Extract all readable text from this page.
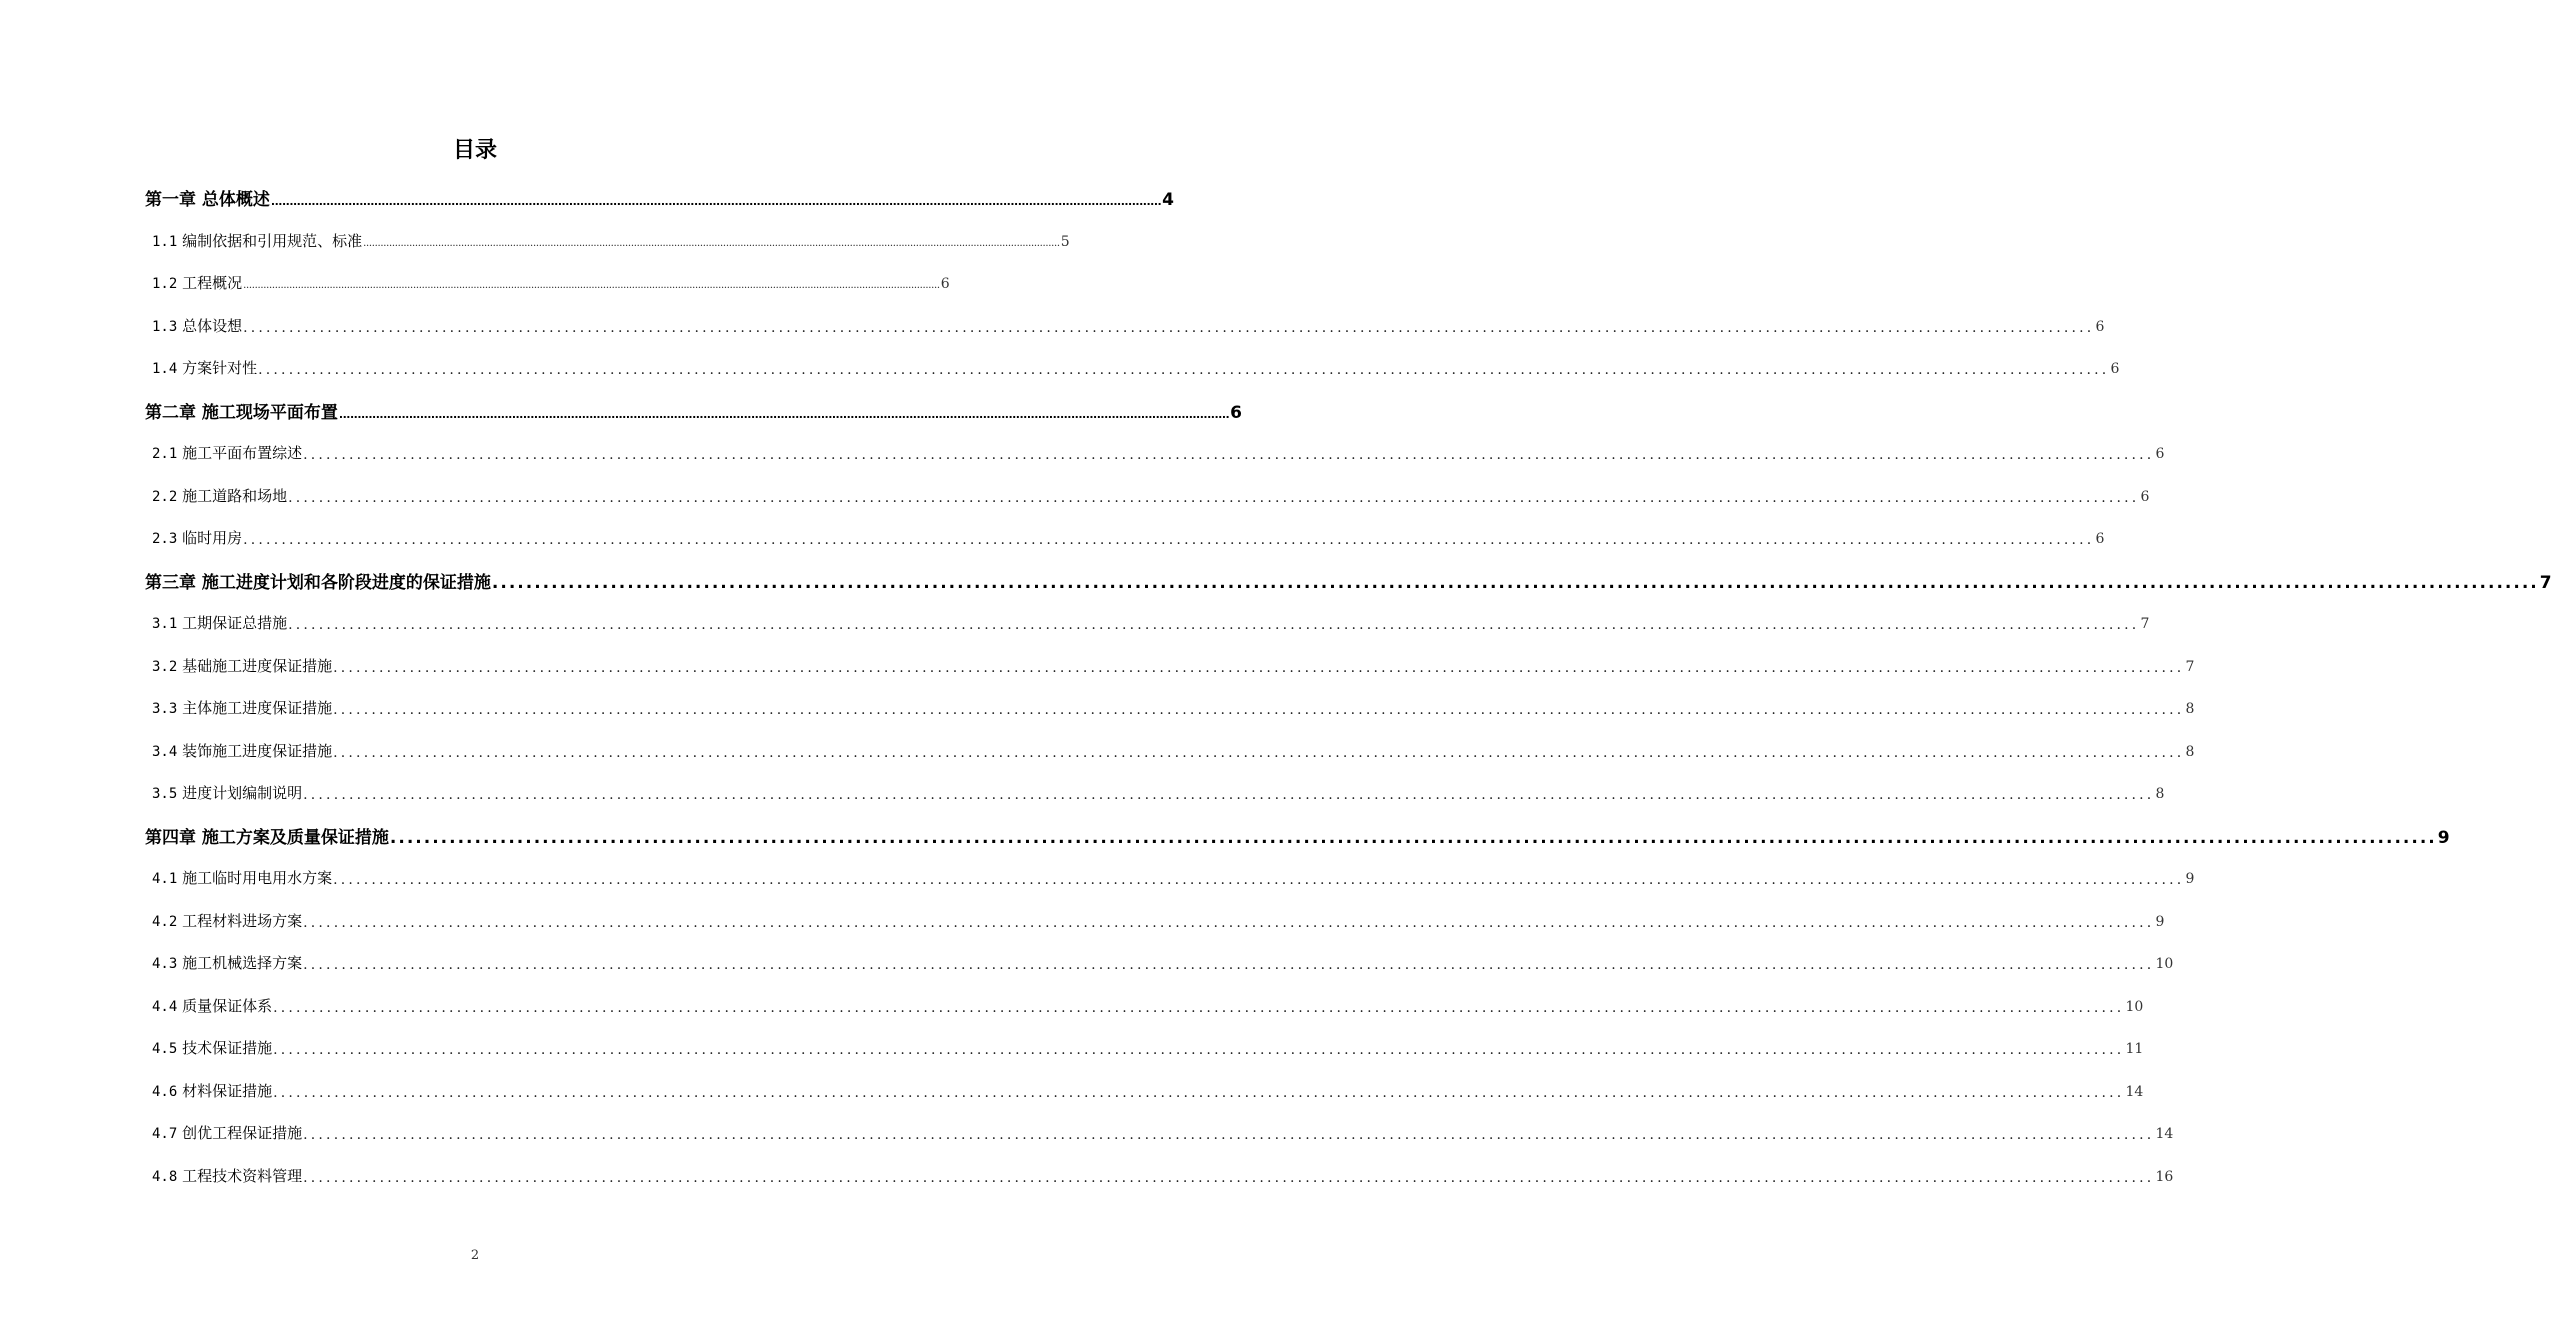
目录
第一章 总体概述 .................................................................................................................................................................................................................................................. 4
1.1 编制依据和引用规范、标准 .................................................................................................................................................................................................................................................. 5
1.2 工程概况 .................................................................................................................................................................................................................................................. 6
1.3 总体设想 .................................................................................................................................................................................................................................................. 6
1.4 方案针对性 .................................................................................................................................................................................................................................................. 6
第二章 施工现场平面布置 .................................................................................................................................................................................................................................................. 6
2.1 施工平面布置综述 .................................................................................................................................................................................................................................................. 6
2.2 施工道路和场地 .................................................................................................................................................................................................................................................. 6
2.3 临时用房 .................................................................................................................................................................................................................................................. 6
第三章 施工进度计划和各阶段进度的保证措施 .................................................................................................................................................................................................................................................. 7
3.1 工期保证总措施 .................................................................................................................................................................................................................................................. 7
3.2 基础施工进度保证措施 .................................................................................................................................................................................................................................................. 7
3.3 主体施工进度保证措施 .................................................................................................................................................................................................................................................. 8
3.4 装饰施工进度保证措施 .................................................................................................................................................................................................................................................. 8
3.5 进度计划编制说明 .................................................................................................................................................................................................................................................. 8
第四章 施工方案及质量保证措施 .................................................................................................................................................................................................................................................. 9
4.1 施工临时用电用水方案 .................................................................................................................................................................................................................................................. 9
4.2 工程材料进场方案 .................................................................................................................................................................................................................................................. 9
4.3 施工机械选择方案 .................................................................................................................................................................................................................................................. 10
4.4 质量保证体系 .................................................................................................................................................................................................................................................. 10
4.5 技术保证措施 .................................................................................................................................................................................................................................................. 11
4.6 材料保证措施 .................................................................................................................................................................................................................................................. 14
4.7 创优工程保证措施 .................................................................................................................................................................................................................................................. 14
4.8 工程技术资料管理 .................................................................................................................................................................................................................................................. 16
2
